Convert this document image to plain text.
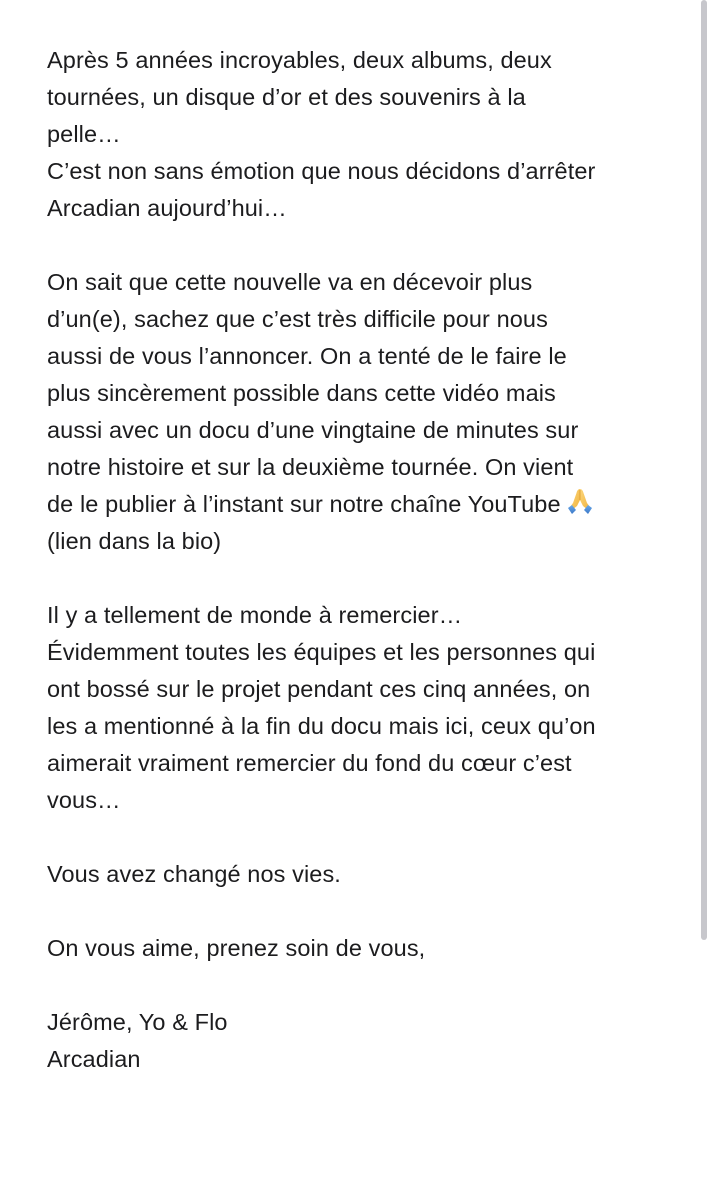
Après 5 années incroyables, deux albums, deux
tournées, un disque d’or et des souvenirs à la
pelle…
C’est non sans émotion que nous décidons d’arrêter
Arcadian aujourd’hui…
On sait que cette nouvelle va en décevoir plus
d’un(e), sachez que c’est très difficile pour nous
aussi de vous l’annoncer. On a tenté de le faire le
plus sincèrement possible dans cette vidéo mais
aussi avec un docu d’une vingtaine de minutes sur
notre histoire et sur la deuxième tournée. On vient
de le publier à l’instant sur notre chaîne YouTube
(lien dans la bio)
Il y a tellement de monde à remercier…
Évidemment toutes les équipes et les personnes qui
ont bossé sur le projet pendant ces cinq années, on
les a mentionné à la fin du docu mais ici, ceux qu’on
aimerait vraiment remercier du fond du cœur c’est
vous…
Vous avez changé nos vies.
On vous aime, prenez soin de vous,
Jérôme, Yo & Flo
Arcadian
